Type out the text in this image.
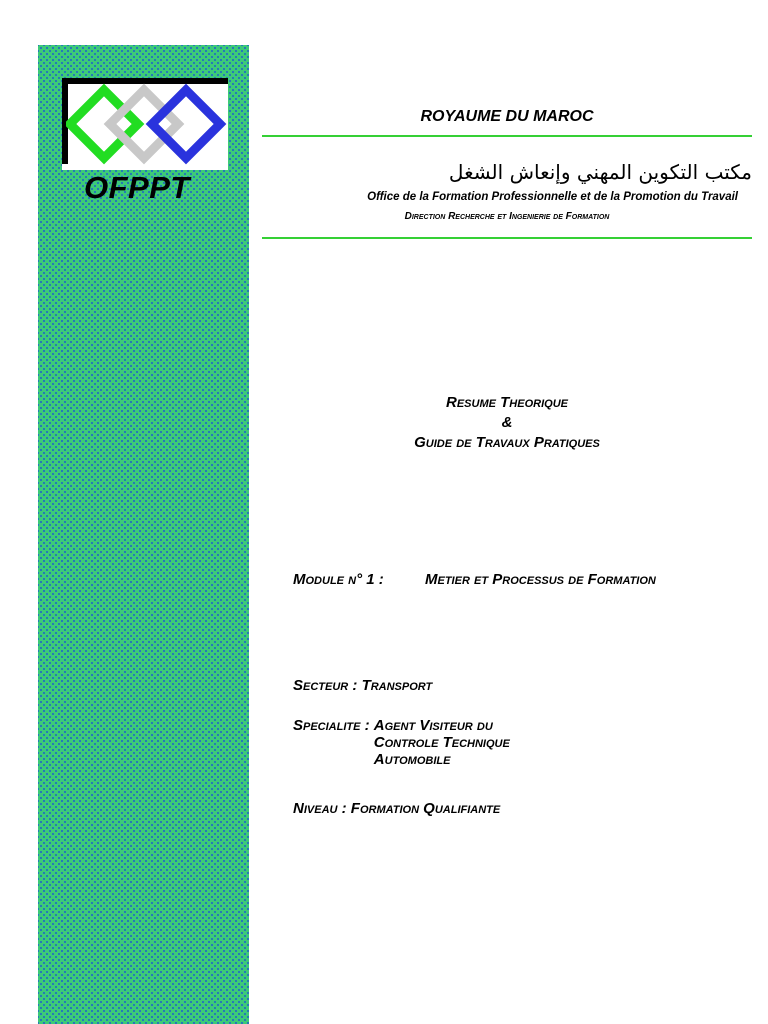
OFPPT

ROYAUME DU MAROC

مكتب التكوين المهني وإنعاش الشغل

Office de la Formation Professionnelle et de la Promotion du Travail

Direction Recherche et Ingenierie de Formation

Resume Theorique
&
Guide de Travaux Pratiques
Module n° 1 :	Metier et Processus de Formation
Secteur : Transport
Specialite : Agent Visiteur du
Controle Technique
Automobile
Niveau : Formation Qualifiante
